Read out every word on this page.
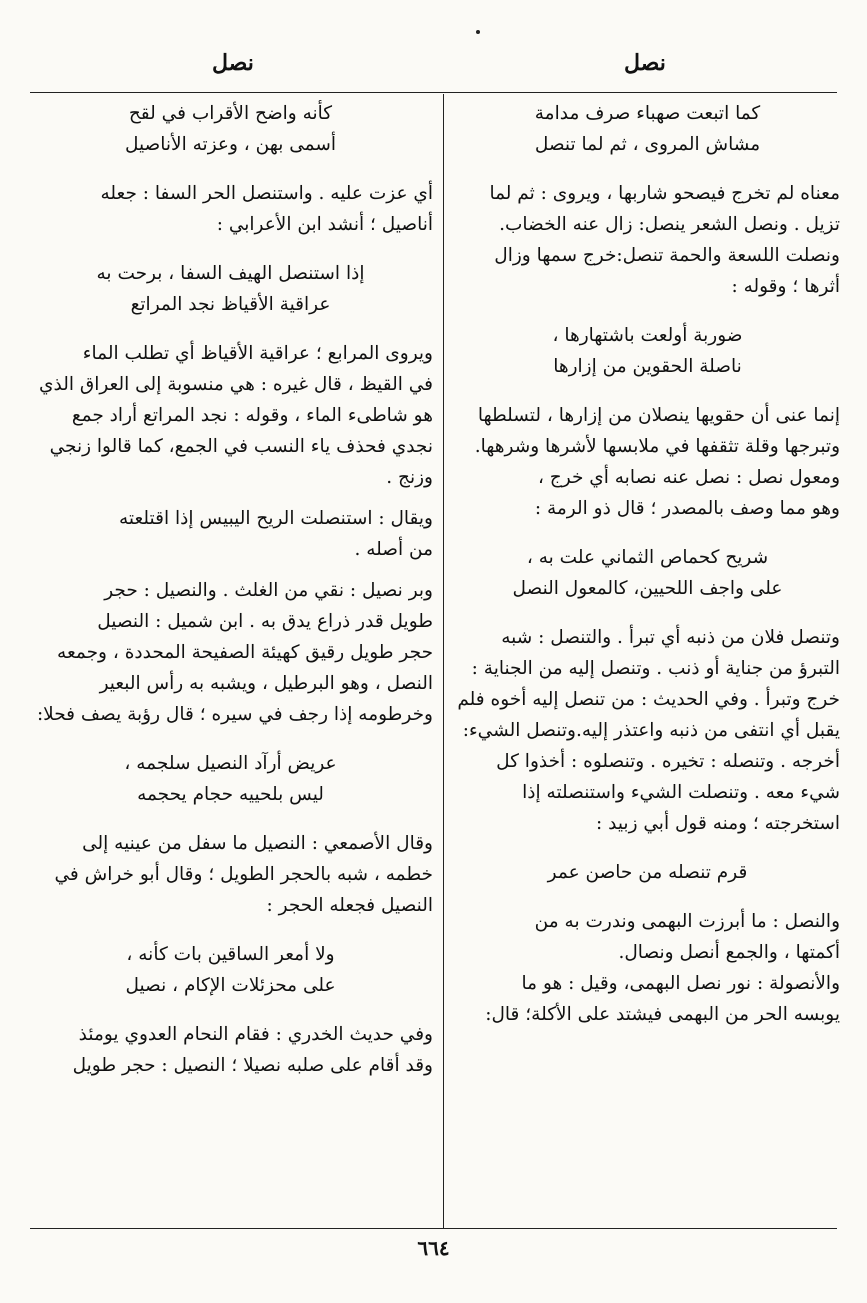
نصل
نصل
كما اتبعت صهباء صرف مدامة
مشاش المروى ، ثم لما تنصل
معناه لم تخرج فيصحو شاربها ، ويروى : ثم لما
تزيل . ونصل الشعر ينصل: زال عنه الخضاب.
ونصلت اللسعة والحمة تنصل:خرج سمها وزال
أثرها ؛ وقوله :
ضوربة أولعت باشتهارها ،
ناصلة الحقوين من إزارها
إنما عنى أن حقويها ينصلان من إزارها ، لتسلطها
وتبرجها وقلة تثقفها في ملابسها لأشرها وشرهها.
ومعول نصل : نصل عنه نصابه أي خرج ،
وهو مما وصف بالمصدر ؛ قال ذو الرمة :
شريح كحماص الثماني علت به ،
على واجف اللحيين، كالمعول النصل
وتنصل فلان من ذنبه أي تبرأ . والتنصل : شبه
التبرؤ من جناية أو ذنب . وتنصل إليه من الجناية :
خرج وتبرأ . وفي الحديث : من تنصل إليه أخوه فلم
يقبل أي انتفى من ذنبه واعتذر إليه.وتنصل الشيء:
أخرجه . وتنصله : تخيره . وتنصلوه : أخذوا كل
شيء معه . وتنصلت الشيء واستنصلته إذا
استخرجته ؛ ومنه قول أبي زبيد :
قرم تنصله من حاصن عمر
والنصل : ما أبرزت البهمى وندرت به من
أكمتها ، والجمع أنصل ونصال.
والأنصولة : نور نصل البهمى، وقيل : هو ما
يوبسه الحر من البهمى فيشتد على الأكلة؛ قال:
كأنه واضح الأقراب في لقح
أسمى بهن ، وعزته الأناصيل
أي عزت عليه . واستنصل الحر السفا : جعله
أناصيل ؛ أنشد ابن الأعرابي :
إذا استنصل الهيف السفا ، برحت به
عراقية الأقياظ نجد المراتع
ويروى المرابع ؛ عراقية الأقياظ أي تطلب الماء
في القيظ ، قال غيره : هي منسوبة إلى العراق الذي
هو شاطىء الماء ، وقوله : نجد المراتع أراد جمع
نجدي فحذف ياء النسب في الجمع، كما قالوا زنجي
وزنج .
ويقال : استنصلت الريح اليبيس إذا اقتلعته
من أصله .
وبر نصيل : نقي من الغلث . والنصيل : حجر
طويل قدر ذراع يدق به . ابن شميل : النصيل
حجر طويل رقيق كهيئة الصفيحة المحددة ، وجمعه
النصل ، وهو البرطيل ، ويشبه به رأس البعير
وخرطومه إذا رجف في سيره ؛ قال رؤبة يصف فحلا:
عريض أرآد النصيل سلجمه ،
ليس بلحييه حجام يحجمه
وقال الأصمعي : النصيل ما سفل من عينيه إلى
خطمه ، شبه بالحجر الطويل ؛ وقال أبو خراش في
النصيل فجعله الحجر :
ولا أمعر الساقين بات كأنه ،
على محزئلات الإكام ، نصيل
وفي حديث الخدري : فقام النحام العدوي يومئذ
وقد أقام على صلبه نصيلا ؛ النصيل : حجر طويل
٦٦٤
